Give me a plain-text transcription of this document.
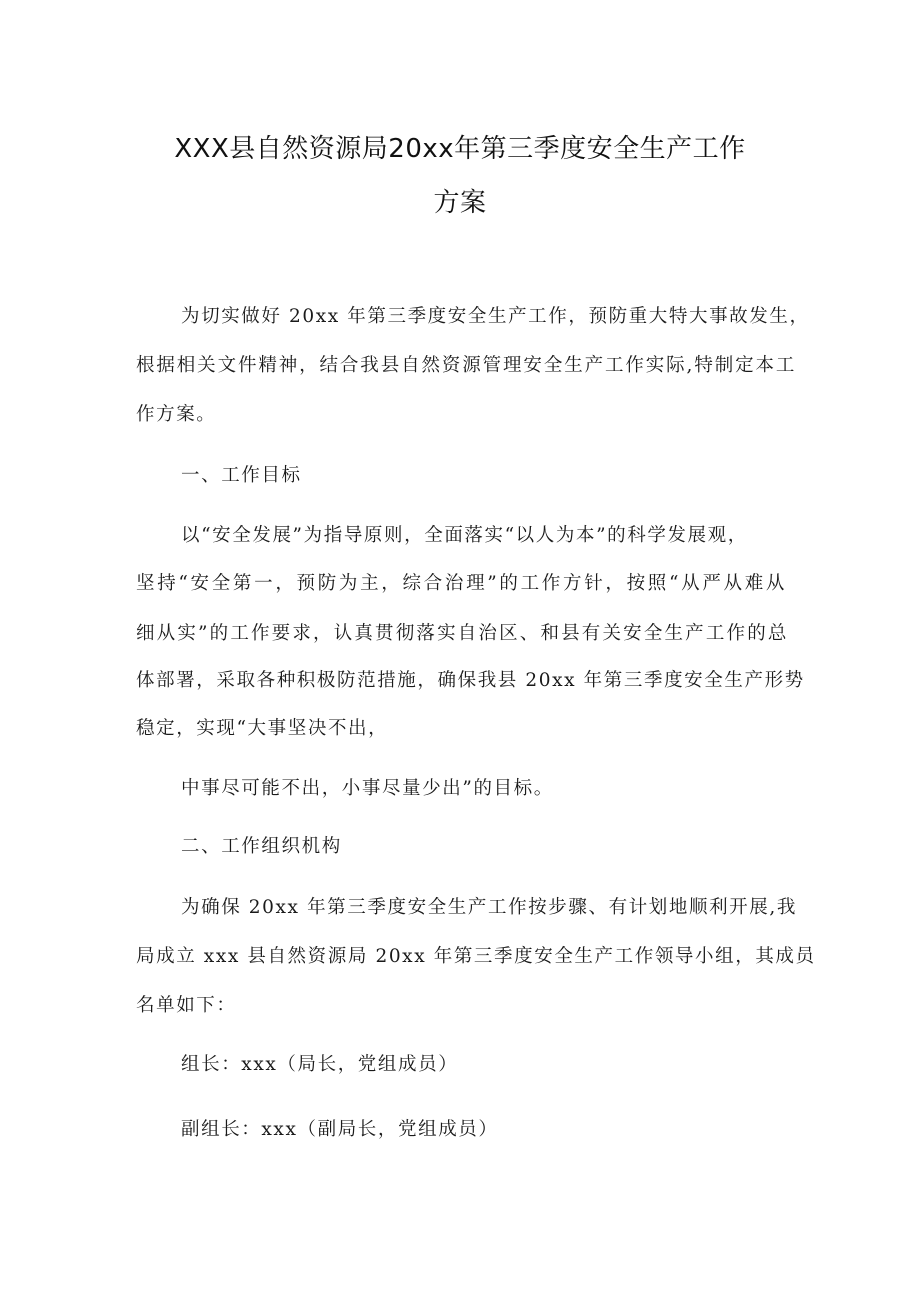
XXX县自然资源局20xx年第三季度安全生产工作
方案
为切实做好 20xx 年第三季度安全生产工作，预防重大特大事故发生，
根据相关文件精神，结合我县自然资源管理安全生产工作实际,特制定本工
作方案。
一、工作目标
以“安全发展”为指导原则，全面落实“以人为本”的科学发展观，
坚持“安全第一，预防为主，综合治理”的工作方针，按照“从严从难从
细从实”的工作要求，认真贯彻落实自治区、和县有关安全生产工作的总
体部署，采取各种积极防范措施，确保我县 20xx 年第三季度安全生产形势
稳定，实现“大事坚决不出，
中事尽可能不出，小事尽量少出”的目标。
二、工作组织机构
为确保 20xx 年第三季度安全生产工作按步骤、有计划地顺利开展,我
局成立 xxx 县自然资源局 20xx 年第三季度安全生产工作领导小组，其成员
名单如下：
组长：xxx（局长，党组成员）
副组长：xxx（副局长，党组成员）
